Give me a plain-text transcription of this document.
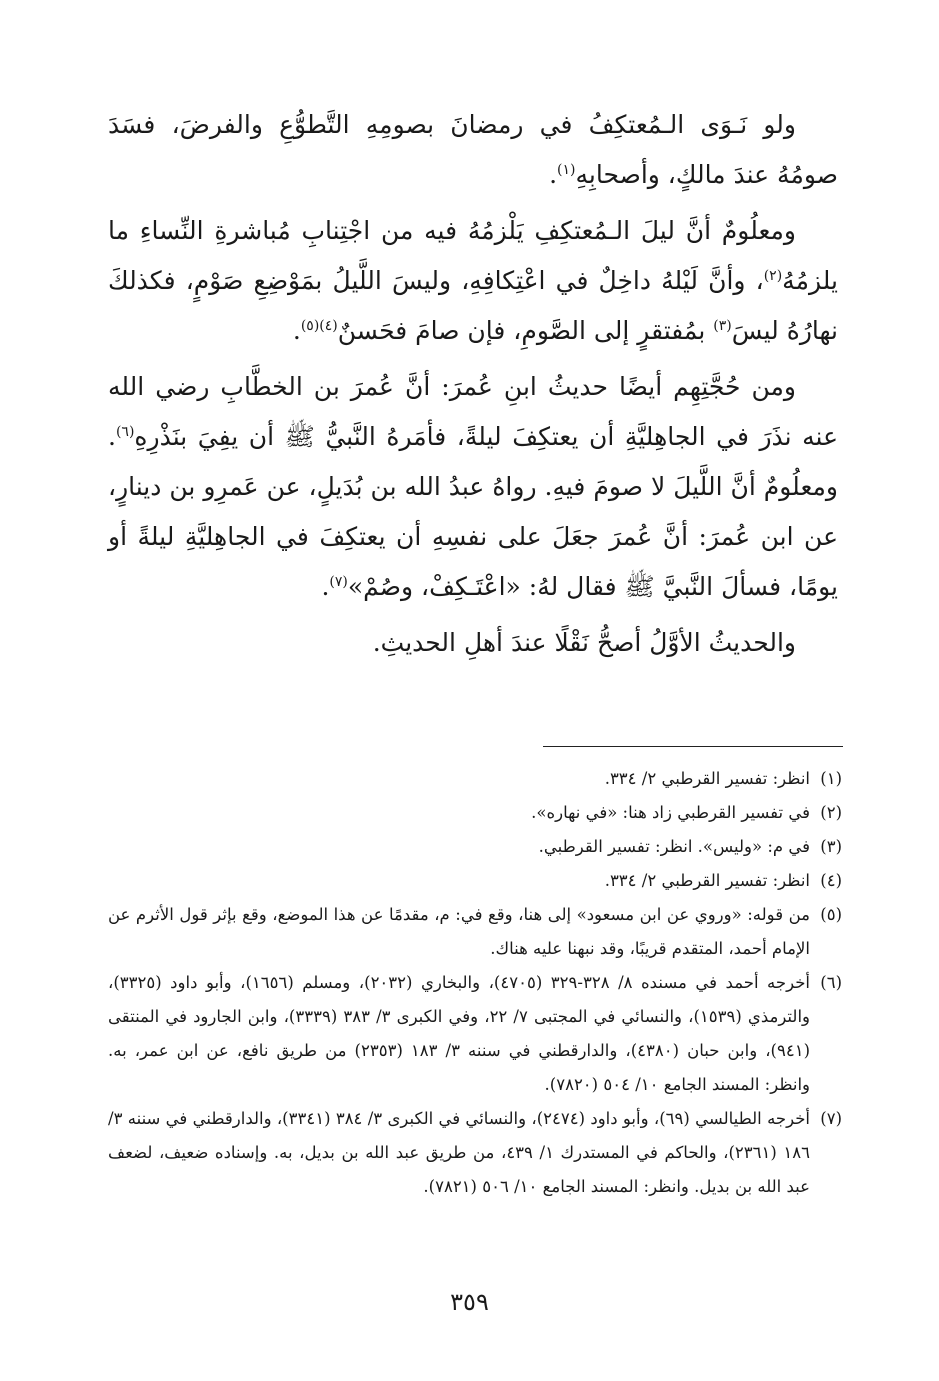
ولو نَـوَى الـمُعتكِفُ في رمضانَ بصومِهِ التَّطوُّعِ والفرضَ، فسَدَ صومُهُ عندَ مالكٍ، وأصحابِهِ$^{(١)}$.

ومعلُومٌ أنَّ ليلَ الـمُعتكِفِ يَلْزمُهُ فيه من اجْتِنابِ مُباشرةِ النِّساءِ ما يلزمُهُ$^{(٢)}$، وأنَّ لَيْلهُ داخِلٌ في اعْتِكافِهِ، وليسَ اللَّيلُ بمَوْضِعِ صَوْمٍ، فكذلكَ نهارُهُ ليسَ$^{(٣)}$ بمُفتقرٍ إلى الصَّومِ، فإن صامَ فحَسنٌ$^{(٤)(٥)}$.

ومن حُجَّتِهِم أيضًا حديثُ ابنِ عُمرَ: أنَّ عُمرَ بن الخطَّابِ رضي الله عنه نذَرَ في الجاهِليَّةِ أن يعتكِفَ ليلةً، فأمَرهُ النَّبيُّ ﷺ أن يفِيَ بنَذْرِهِ$^{(٦)}$. ومعلُومٌ أنَّ اللَّيلَ لا صومَ فيهِ. رواهُ عبدُ الله بن بُدَيلٍ، عن عَمرِو بن دينارٍ، عن ابن عُمرَ: أنَّ عُمرَ جعَلَ على نفسِهِ أن يعتكِفَ في الجاهِليَّةِ ليلةً أو يومًا، فسألَ النَّبيَّ ﷺ فقال لهُ: «اعْتَـكِفْ، وصُمْ»$^{(٧)}$.

والحديثُ الأوَّلُ أصحُّ نَقْلًا عندَ أهلِ الحديثِ.

(١)
انظر: تفسير القرطبي ٢/ ٣٣٤.

(٢)
في تفسير القرطبي زاد هنا: «في نهاره».

(٣)
في م: «وليس». انظر: تفسير القرطبي.

(٤)
انظر: تفسير القرطبي ٢/ ٣٣٤.

(٥)
من قوله: «وروي عن ابن مسعود» إلى هنا، وقع في: م، مقدمًا عن هذا الموضع، وقع بإثر قول الأثرم عن الإمام أحمد، المتقدم قريبًا، وقد نبهنا عليه هناك.

(٦)
أخرجه أحمد في مسنده ٨/ ٣٢٨-٣٢٩ (٤٧٠٥)، والبخاري (٢٠٣٢)، ومسلم (١٦٥٦)، وأبو داود (٣٣٢٥)، والترمذي (١٥٣٩)، والنسائي في المجتبى ٧/ ٢٢، وفي الكبرى ٣/ ٣٨٣ (٣٣٣٩)، وابن الجارود في المنتقى (٩٤١)، وابن حبان (٤٣٨٠)، والدارقطني في سننه ٣/ ١٨٣ (٢٣٥٣) من طريق نافع، عن ابن عمر، به. وانظر: المسند الجامع ١٠/ ٥٠٤ (٧٨٢٠).

(٧)
أخرجه الطيالسي (٦٩)، وأبو داود (٢٤٧٤)، والنسائي في الكبرى ٣/ ٣٨٤ (٣٣٤١)، والدارقطني في سننه ٣/ ١٨٦ (٢٣٦١)، والحاكم في المستدرك ١/ ٤٣٩، من طريق عبد الله بن بديل، به. وإسناده ضعيف، لضعف عبد الله بن بديل. وانظر: المسند الجامع ١٠/ ٥٠٦ (٧٨٢١).

٣٥٩
